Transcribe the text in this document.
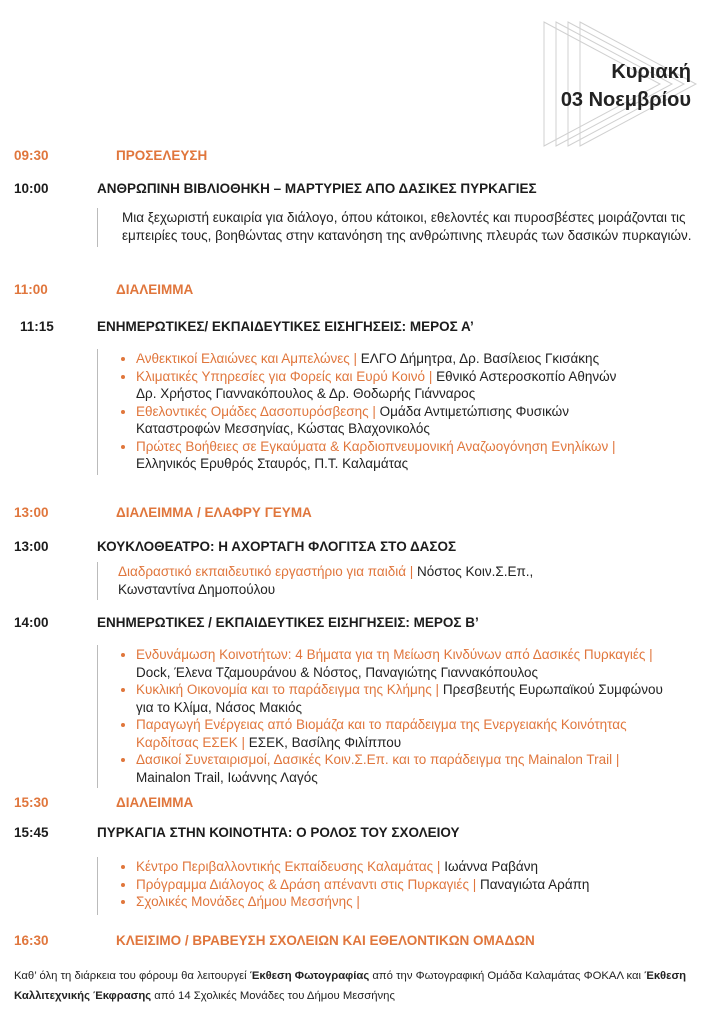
Κυριακή
03 Νοεμβρίου
09:30	ΠΡΟΣΕΛΕΥΣΗ
10:00	ΑΝΘΡΩΠΙΝΗ ΒΙΒΛΙΟΘΗΚΗ – ΜΑΡΤΥΡΙΕΣ ΑΠΟ ΔΑΣΙΚΕΣ ΠΥΡΚΑΓΙΕΣ
Μια ξεχωριστή ευκαιρία για διάλογο, όπου κάτοικοι, εθελοντές και πυροσβέστες μοιράζονται τις εμπειρίες τους, βοηθώντας στην κατανόηση της ανθρώπινης πλευράς των δασικών πυρκαγιών.
11:00	ΔΙΑΛΕΙΜΜΑ
11:15	ΕΝΗΜΕΡΩΤΙΚΕΣ/ ΕΚΠΑΙΔΕΥΤΙΚΕΣ ΕΙΣΗΓΗΣΕΙΣ: ΜΕΡΟΣ Α’
• Ανθεκτικοί Ελαιώνες και Αμπελώνες | ΕΛΓΟ Δήμητρα, Δρ. Βασίλειος Γκισάκης
• Κλιματικές Υπηρεσίες για Φορείς και Ευρύ Κοινό | Εθνικό Αστεροσκοπίο Αθηνών Δρ. Χρήστος Γιαννακόπουλος & Δρ. Θοδωρής Γιάνναρος
• Εθελοντικές Ομάδες Δασοπυρόσβεσης | Ομάδα Αντιμετώπισης Φυσικών Καταστροφών Μεσσηνίας, Κώστας Βλαχονικολός
• Πρώτες Βοήθειες σε Εγκαύματα & Καρδιοπνευμονική Αναζωογόνηση Ενηλίκων | Ελληνικός Ερυθρός Σταυρός, Π.Τ. Καλαμάτας
13:00	ΔΙΑΛΕΙΜΜΑ / ΕΛΑΦΡΥ ΓΕΥΜΑ
13:00	ΚΟΥΚΛΟΘΕΑΤΡΟ: Η ΑΧΟΡΤΑΓΗ ΦΛΟΓΙΤΣΑ ΣΤΟ ΔΑΣΟΣ
Διαδραστικό εκπαιδευτικό εργαστήριο για παιδιά | Νόστος Κοιν.Σ.Επ., Κωνσταντίνα Δημοπούλου
14:00	ΕΝΗΜΕΡΩΤΙΚΕΣ / ΕΚΠΑΙΔΕΥΤΙΚΕΣ ΕΙΣΗΓΗΣΕΙΣ: ΜΕΡΟΣ Β’
• Ενδυνάμωση Κοινοτήτων: 4 Βήματα για τη Μείωση Κινδύνων από Δασικές Πυρκαγιές | Dock, Έλενα Τζαμουράνου & Νόστος, Παναγιώτης Γιαννακόπουλος
• Κυκλική Οικονομία και το παράδειγμα της Κλήμης | Πρεσβευτής Ευρωπαϊκού Συμφώνου για το Κλίμα, Νάσος Μακιός
• Παραγωγή Ενέργειας από Βιομάζα και το παράδειγμα της Ενεργειακής Κοινότητας Καρδίτσας ΕΣΕΚ | ΕΣΕΚ, Βασίλης Φιλίππου
• Δασικοί Συνεταιρισμοί, Δασικές Κοιν.Σ.Επ. και το παράδειγμα της Mainalon Trail | Mainalon Trail, Ιωάννης Λαγός
15:30	ΔΙΑΛΕΙΜΜΑ
15:45	ΠΥΡΚΑΓΙΑ ΣΤΗΝ ΚΟΙΝΟΤΗΤΑ: Ο ΡΟΛΟΣ ΤΟΥ ΣΧΟΛΕΙΟΥ
• Κέντρο Περιβαλλοντικής Εκπαίδευσης Καλαμάτας | Ιωάννα Ραβάνη
• Πρόγραμμα Διάλογος & Δράση απέναντι στις Πυρκαγιές | Παναγιώτα Αράπη
• Σχολικές Μονάδες Δήμου Μεσσήνης |
16:30	ΚΛΕΙΣΙΜΟ / ΒΡΑΒΕΥΣΗ ΣΧΟΛΕΙΩΝ ΚΑΙ ΕΘΕΛΟΝΤΙΚΩΝ ΟΜΑΔΩΝ
Καθ’ όλη τη διάρκεια του φόρουμ θα λειτουργεί Έκθεση Φωτογραφίας από την Φωτογραφική Ομάδα Καλαμάτας ΦΟΚΑΛ και Έκθεση Καλλιτεχνικής Έκφρασης από 14 Σχολικές Μονάδες του Δήμου Μεσσήνης
